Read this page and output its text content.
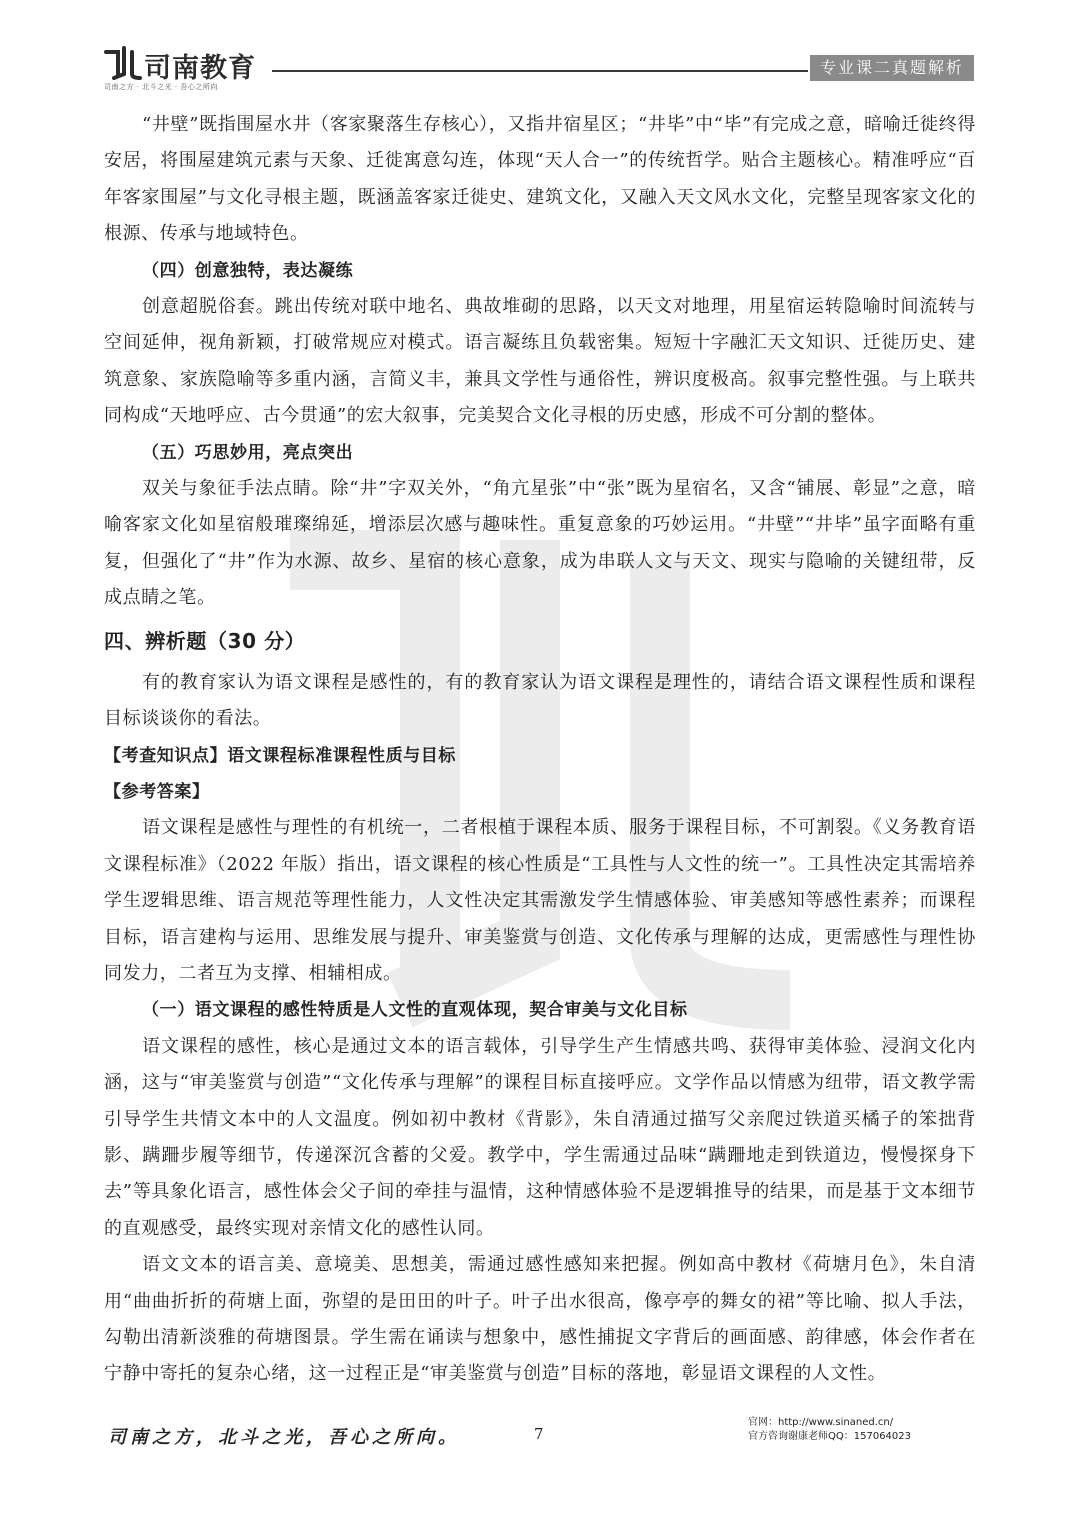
司南教育
司南之方 · 北斗之光 · 吾心之所向
专业课二真题解析

“井壁”既指围屋水井（客家聚落生存核心），又指井宿星区；“井毕”中“毕”有完成之意，暗喻迁徙终得安居，将围屋建筑元素与天象、迁徙寓意勾连，体现“天人合一”的传统哲学。贴合主题核心。精准呼应“百年客家围屋”与文化寻根主题，既涵盖客家迁徙史、建筑文化，又融入天文风水文化，完整呈现客家文化的根源、传承与地域特色。

（四）创意独特，表达凝练

创意超脱俗套。跳出传统对联中地名、典故堆砌的思路，以天文对地理，用星宿运转隐喻时间流转与空间延伸，视角新颖，打破常规应对模式。语言凝练且负载密集。短短十字融汇天文知识、迁徙历史、建筑意象、家族隐喻等多重内涵，言简义丰，兼具文学性与通俗性，辨识度极高。叙事完整性强。与上联共同构成“天地呼应、古今贯通”的宏大叙事，完美契合文化寻根的历史感，形成不可分割的整体。

（五）巧思妙用，亮点突出

双关与象征手法点睛。除“井”字双关外，“角亢星张”中“张”既为星宿名，又含“铺展、彰显”之意，暗喻客家文化如星宿般璀璨绵延，增添层次感与趣味性。重复意象的巧妙运用。“井壁”“井毕”虽字面略有重复，但强化了“井”作为水源、故乡、星宿的核心意象，成为串联人文与天文、现实与隐喻的关键纽带，反成点睛之笔。

四、辨析题（30 分）

有的教育家认为语文课程是感性的，有的教育家认为语文课程是理性的，请结合语文课程性质和课程目标谈谈你的看法。

【考查知识点】语文课程标准课程性质与目标

【参考答案】

语文课程是感性与理性的有机统一，二者根植于课程本质、服务于课程目标，不可割裂。《义务教育语文课程标准》（2022 年版）指出，语文课程的核心性质是“工具性与人文性的统一”。工具性决定其需培养学生逻辑思维、语言规范等理性能力，人文性决定其需激发学生情感体验、审美感知等感性素养；而课程目标，语言建构与运用、思维发展与提升、审美鉴赏与创造、文化传承与理解的达成，更需感性与理性协同发力，二者互为支撑、相辅相成。

（一）语文课程的感性特质是人文性的直观体现，契合审美与文化目标

语文课程的感性，核心是通过文本的语言载体，引导学生产生情感共鸣、获得审美体验、浸润文化内涵，这与“审美鉴赏与创造”“文化传承与理解”的课程目标直接呼应。文学作品以情感为纽带，语文教学需引导学生共情文本中的人文温度。例如初中教材《背影》，朱自清通过描写父亲爬过铁道买橘子的笨拙背影、蹒跚步履等细节，传递深沉含蓄的父爱。教学中，学生需通过品味“蹒跚地走到铁道边，慢慢探身下去”等具象化语言，感性体会父子间的牵挂与温情，这种情感体验不是逻辑推导的结果，而是基于文本细节的直观感受，最终实现对亲情文化的感性认同。

语文文本的语言美、意境美、思想美，需通过感性感知来把握。例如高中教材《荷塘月色》，朱自清用“曲曲折折的荷塘上面，弥望的是田田的叶子。叶子出水很高，像亭亭的舞女的裙”等比喻、拟人手法，勾勒出清新淡雅的荷塘图景。学生需在诵读与想象中，感性捕捉文字背后的画面感、韵律感，体会作者在宁静中寄托的复杂心绪，这一过程正是“审美鉴赏与创造”目标的落地，彰显语文课程的人文性。

司南之方，北斗之光，吾心之所向。	7
官网：http://www.sinaned.cn/
官方咨询谢康老师QQ：157064023
